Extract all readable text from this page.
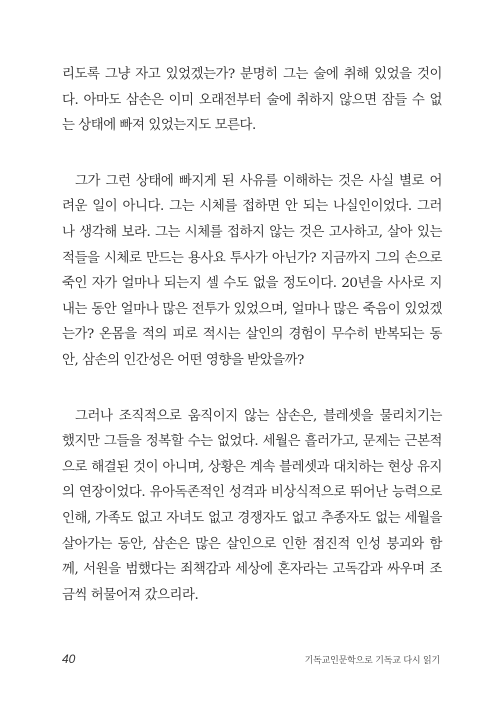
리도록 그냥 자고 있었겠는가? 분명히 그는 술에 취해 있었을 것이
다. 아마도 삼손은 이미 오래전부터 술에 취하지 않으면 잠들 수 없
는 상태에 빠져 있었는지도 모른다.
그가 그런 상태에 빠지게 된 사유를 이해하는 것은 사실 별로 어
려운 일이 아니다. 그는 시체를 접하면 안 되는 나실인이었다. 그러
나 생각해 보라. 그는 시체를 접하지 않는 것은 고사하고, 살아 있는
적들을 시체로 만드는 용사요 투사가 아닌가? 지금까지 그의 손으로
죽인 자가 얼마나 되는지 셀 수도 없을 정도이다. 20년을 사사로 지
내는 동안 얼마나 많은 전투가 있었으며, 얼마나 많은 죽음이 있었겠
는가? 온몸을 적의 피로 적시는 살인의 경험이 무수히 반복되는 동
안, 삼손의 인간성은 어떤 영향을 받았을까?
그러나 조직적으로 움직이지 않는 삼손은, 블레셋을 물리치기는
했지만 그들을 정복할 수는 없었다. 세월은 흘러가고, 문제는 근본적
으로 해결된 것이 아니며, 상황은 계속 블레셋과 대치하는 현상 유지
의 연장이었다. 유아독존적인 성격과 비상식적으로 뛰어난 능력으로
인해, 가족도 없고 자녀도 없고 경쟁자도 없고 추종자도 없는 세월을
살아가는 동안, 삼손은 많은 살인으로 인한 점진적 인성 붕괴와 함
께, 서원을 범했다는 죄책감과 세상에 혼자라는 고독감과 싸우며 조
금씩 허물어져 갔으리라.
40	기독교인문학으로 기독교 다시 읽기
